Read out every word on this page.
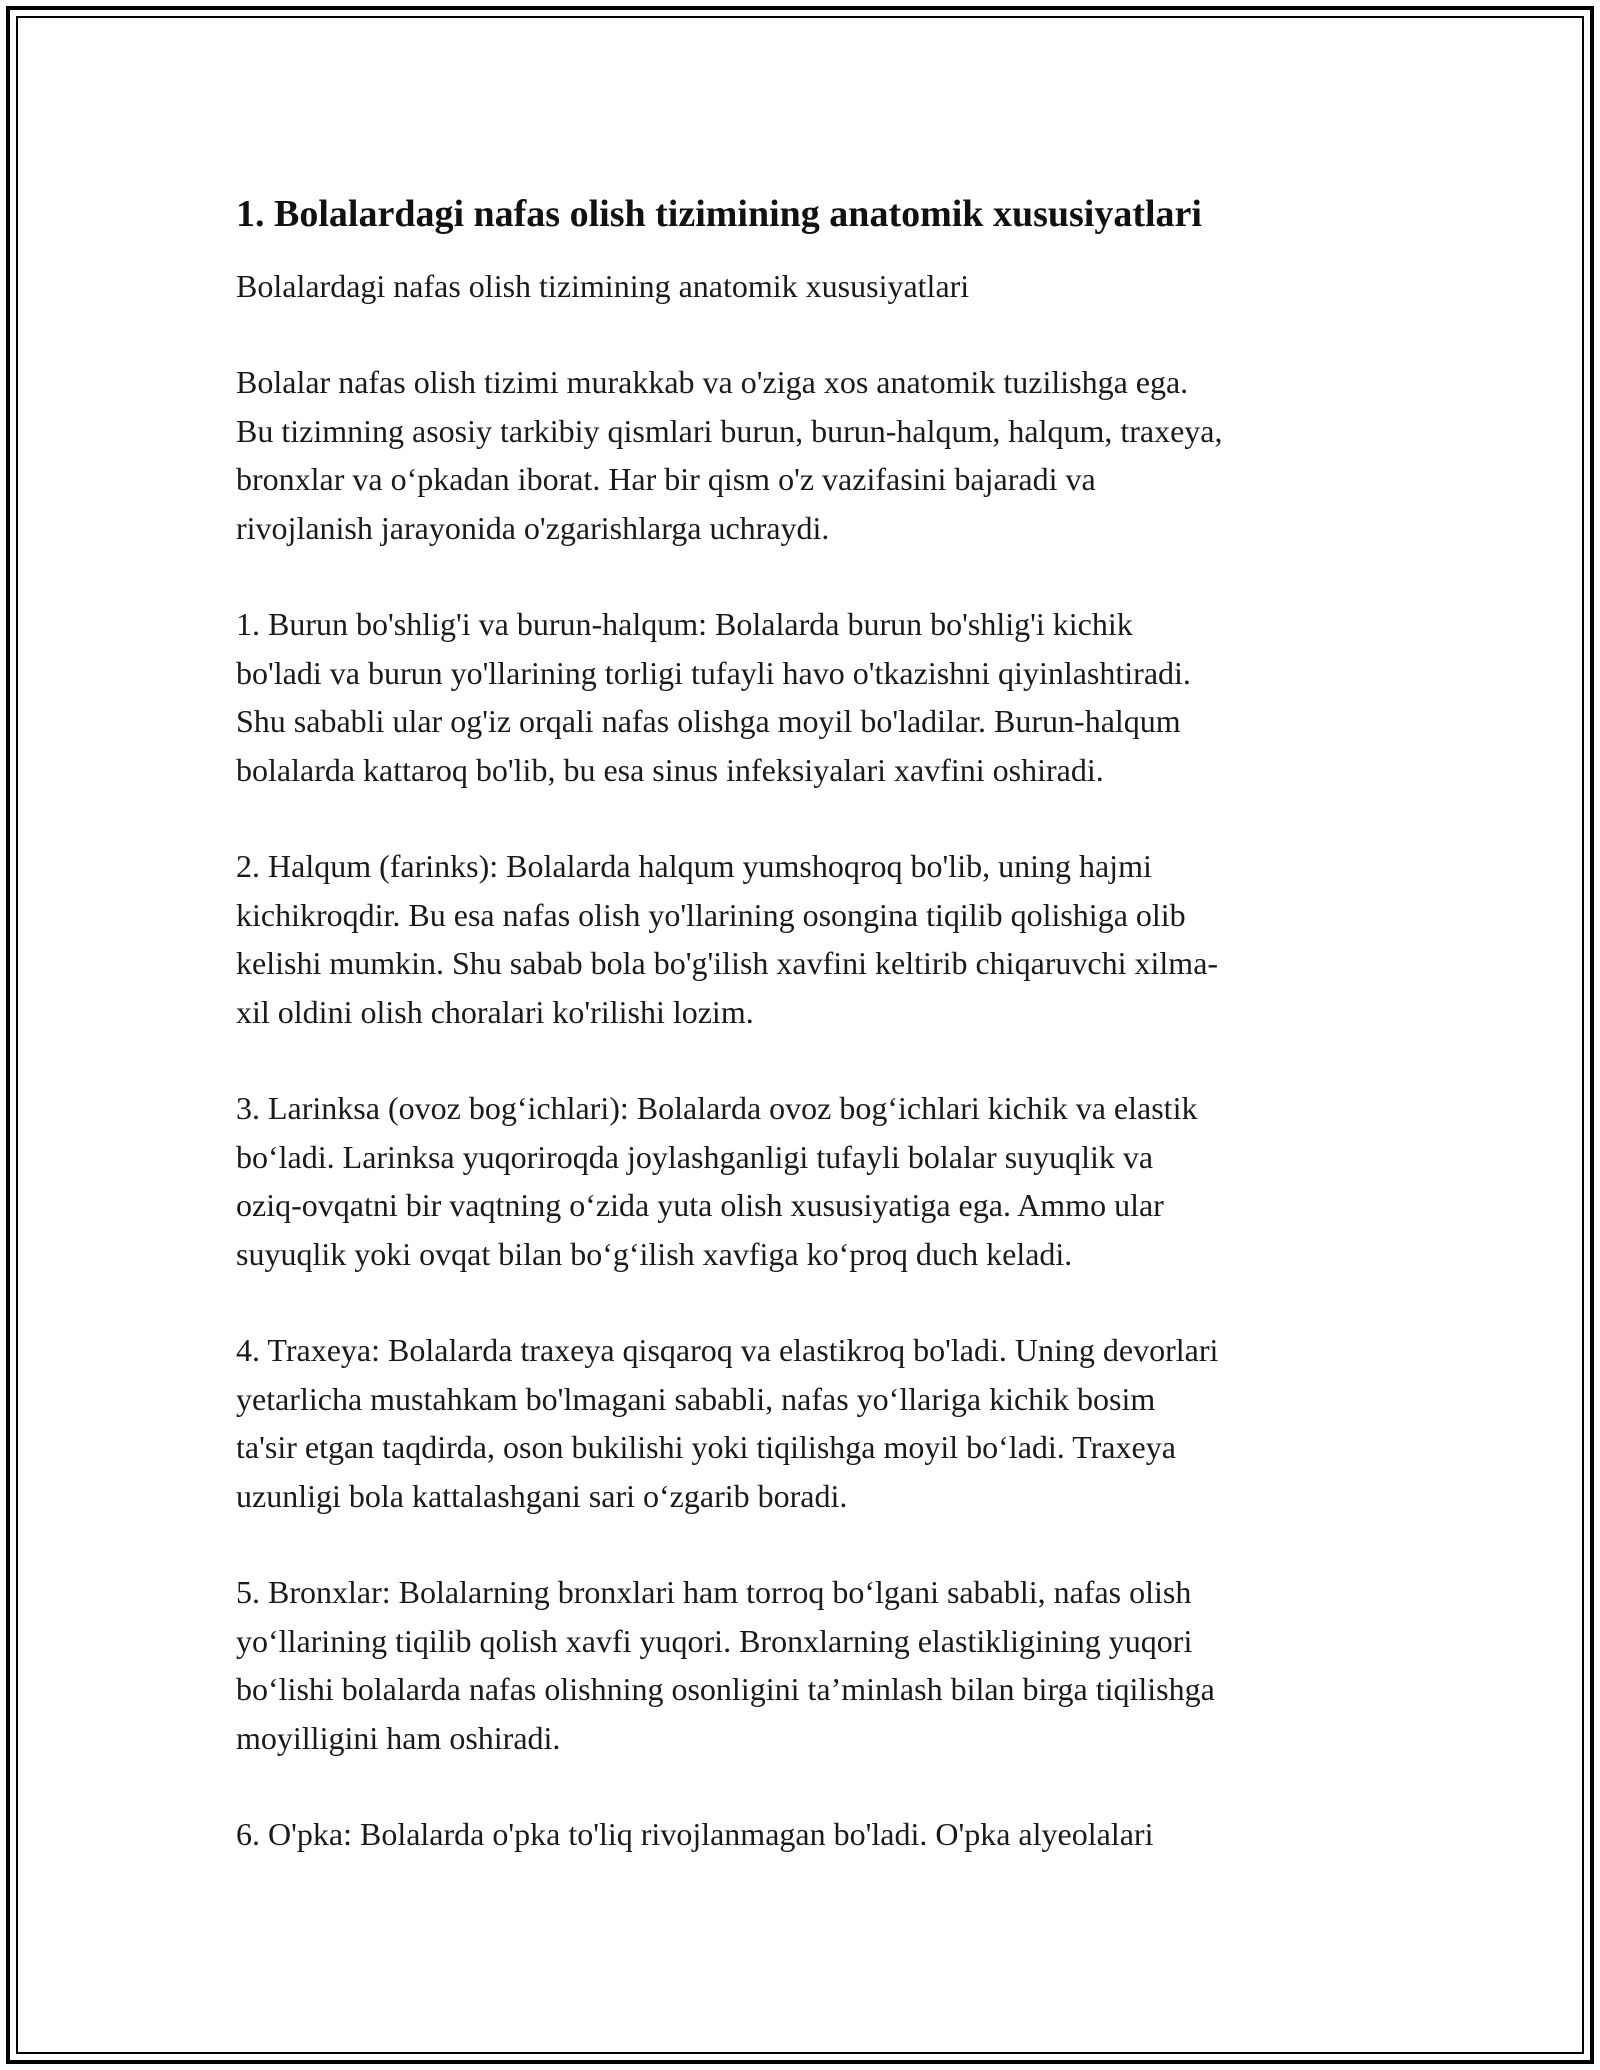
1. Bolalardagi nafas olish tizimining anatomik xususiyatlari

Bolalardagi nafas olish tizimining anatomik xususiyatlari

Bolalar nafas olish tizimi murakkab va o'ziga xos anatomik tuzilishga ega.
Bu tizimning asosiy tarkibiy qismlari burun, burun-halqum, halqum, traxeya,
bronxlar va o‘pkadan iborat. Har bir qism o'z vazifasini bajaradi va
rivojlanish jarayonida o'zgarishlarga uchraydi.

1. Burun bo'shlig'i va burun-halqum: Bolalarda burun bo'shlig'i kichik
bo'ladi va burun yo'llarining torligi tufayli havo o'tkazishni qiyinlashtiradi.
Shu sababli ular og'iz orqali nafas olishga moyil bo'ladilar. Burun-halqum
bolalarda kattaroq bo'lib, bu esa sinus infeksiyalari xavfini oshiradi.

2. Halqum (farinks): Bolalarda halqum yumshoqroq bo'lib, uning hajmi
kichikroqdir. Bu esa nafas olish yo'llarining osongina tiqilib qolishiga olib
kelishi mumkin. Shu sabab bola bo'g'ilish xavfini keltirib chiqaruvchi xilma-
xil oldini olish choralari ko'rilishi lozim.

3. Larinksa (ovoz bog‘ichlari): Bolalarda ovoz bog‘ichlari kichik va elastik
bo‘ladi. Larinksa yuqoriroqda joylashganligi tufayli bolalar suyuqlik va
oziq-ovqatni bir vaqtning o‘zida yuta olish xususiyatiga ega. Ammo ular
suyuqlik yoki ovqat bilan bo‘g‘ilish xavfiga ko‘proq duch keladi.

4. Traxeya: Bolalarda traxeya qisqaroq va elastikroq bo'ladi. Uning devorlari
yetarlicha mustahkam bo'lmagani sababli, nafas yo‘llariga kichik bosim
ta'sir etgan taqdirda, oson bukilishi yoki tiqilishga moyil bo‘ladi. Traxeya
uzunligi bola kattalashgani sari o‘zgarib boradi.

5. Bronxlar: Bolalarning bronxlari ham torroq bo‘lgani sababli, nafas olish
yo‘llarining tiqilib qolish xavfi yuqori. Bronxlarning elastikligining yuqori
bo‘lishi bolalarda nafas olishning osonligini ta’minlash bilan birga tiqilishga
moyilligini ham oshiradi.

6. O'pka: Bolalarda o'pka to'liq rivojlanmagan bo'ladi. O'pka alyeolalari
